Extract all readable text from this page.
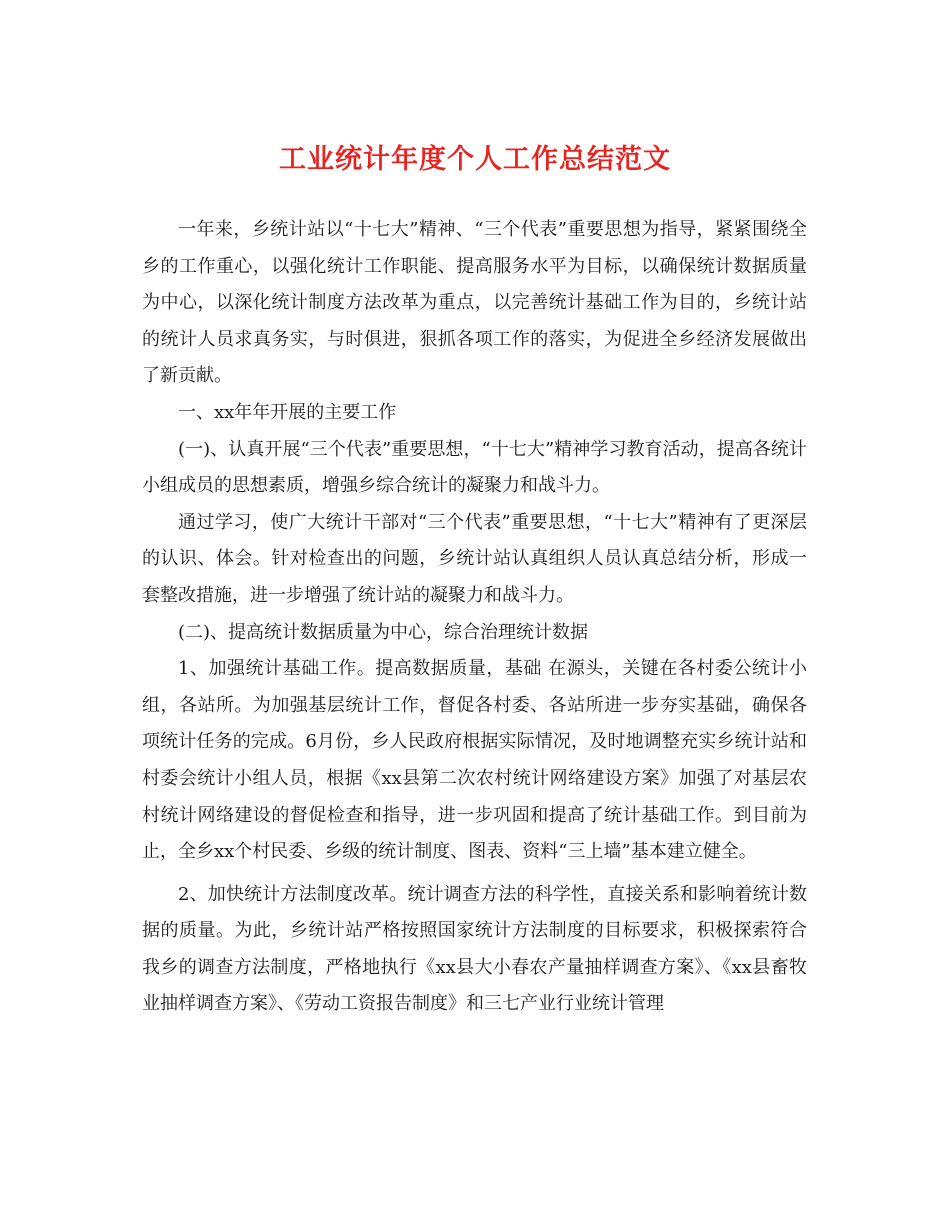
工业统计年度个人工作总结范文

一年来，乡统计站以“十七大”精神、“三个代表”重要思想为指导，紧紧围绕全乡的工作重心，以强化统计工作职能、提高服务水平为目标，以确保统计数据质量为中心，以深化统计制度方法改革为重点，以完善统计基础工作为目的，乡统计站的统计人员求真务实，与时俱进，狠抓各项工作的落实，为促进全乡经济发展做出了新贡献。

一、xx年年开展的主要工作

(一)、认真开展“三个代表”重要思想，“十七大”精神学习教育活动，提高各统计小组成员的思想素质，增强乡综合统计的凝聚力和战斗力。

通过学习，使广大统计干部对“三个代表”重要思想，“十七大”精神有了更深层的认识、体会。针对检查出的问题，乡统计站认真组织人员认真总结分析，形成一套整改措施，进一步增强了统计站的凝聚力和战斗力。

(二)、提高统计数据质量为中心，综合治理统计数据

1、加强统计基础工作。提高数据质量，基础 在源头，关键在各村委公统计小组，各站所。为加强基层统计工作，督促各村委、各站所进一步夯实基础，确保各项统计任务的完成。6月份，乡人民政府根据实际情况，及时地调整充实乡统计站和村委会统计小组人员，根据《xx县第二次农村统计网络建设方案》加强了对基层农村统计网络建设的督促检查和指导，进一步巩固和提高了统计基础工作。到目前为止，全乡xx个村民委、乡级的统计制度、图表、资料“三上墙”基本建立健全。

2、加快统计方法制度改革。统计调查方法的科学性，直接关系和影响着统计数据的质量。为此，乡统计站严格按照国家统计方法制度的目标要求，积极探索符合我乡的调查方法制度，严格地执行《xx县大小春农产量抽样调查方案》、《xx县畜牧业抽样调查方案》、《劳动工资报告制度》和三七产业行业统计管理
